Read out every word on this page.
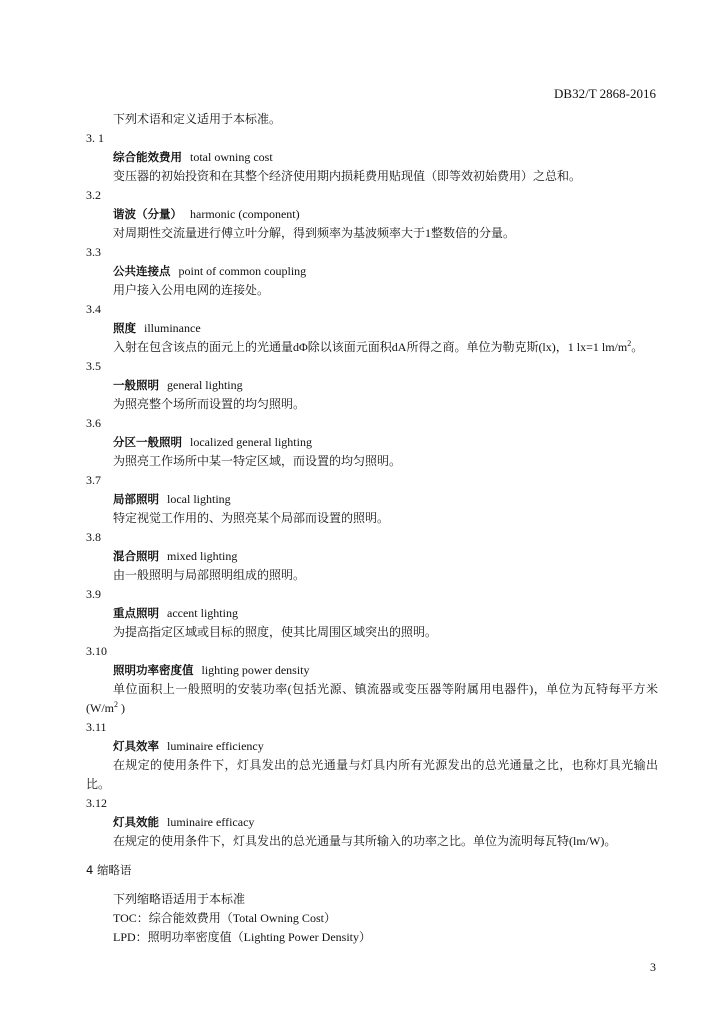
DB32/T 2868-2016
下列术语和定义适用于本标准。
3. 1
综合能效费用 total owning cost
变压器的初始投资和在其整个经济使用期内损耗费用贴现值（即等效初始费用）之总和。
3.2
谐波（分量） harmonic (component)
对周期性交流量进行傅立叶分解，得到频率为基波频率大于1整数倍的分量。
3.3
公共连接点 point of common coupling
用户接入公用电网的连接处。
3.4
照度 illuminance
入射在包含该点的面元上的光通量dΦ除以该面元面积dA所得之商。单位为勒克斯(lx)，1 lx=1 $lm/m^2$。
3.5
一般照明 general lighting
为照亮整个场所而设置的均匀照明。
3.6
分区一般照明 localized general lighting
为照亮工作场所中某一特定区域，而设置的均匀照明。
3.7
局部照明 local lighting
特定视觉工作用的、为照亮某个局部而设置的照明。
3.8
混合照明 mixed lighting
由一般照明与局部照明组成的照明。
3.9
重点照明 accent lighting
为提高指定区域或目标的照度，使其比周围区域突出的照明。
3.10
照明功率密度值 lighting power density
单位面积上一般照明的安装功率(包括光源、镇流器或变压器等附属用电器件)，单位为瓦特每平方米($W/m^2$ )
3.11
灯具效率 luminaire efficiency
在规定的使用条件下，灯具发出的总光通量与灯具内所有光源发出的总光通量之比，也称灯具光输出比。
3.12
灯具效能 luminaire efficacy
在规定的使用条件下，灯具发出的总光通量与其所输入的功率之比。单位为流明每瓦特(lm/W)。
4 缩略语
下列缩略语适用于本标准
TOC：综合能效费用（Total Owning Cost）
LPD：照明功率密度值（Lighting Power Density）
3
